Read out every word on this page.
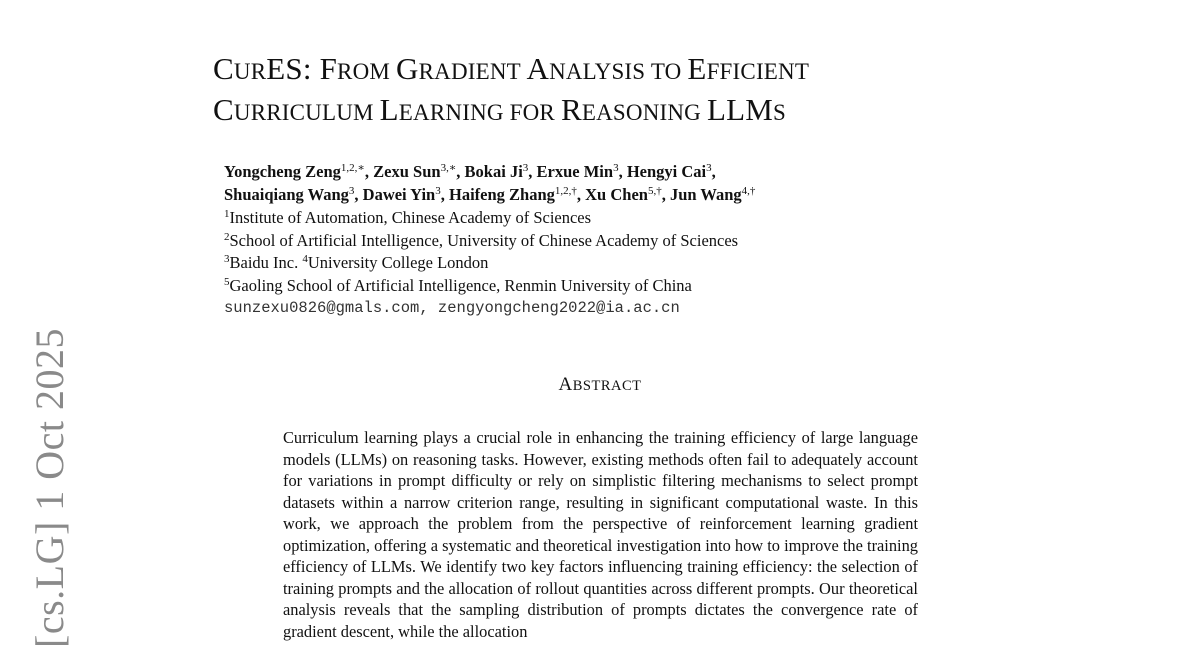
CURES: FROM GRADIENT ANALYSIS TO EFFICIENT
CURRICULUM LEARNING FOR REASONING LLMS
Yongcheng Zeng$^{1,2,∗}$, Zexu Sun$^{3,∗}$, Bokai Ji$^3$, Erxue Min$^3$, Hengyi Cai$^3$,
Shuaiqiang Wang$^3$, Dawei Yin$^3$, Haifeng Zhang$^{1,2,\dagger}$, Xu Chen$^{5,\dagger}$, Jun Wang$^{4,\dagger}$
$^1$Institute of Automation, Chinese Academy of Sciences
$^2$School of Artificial Intelligence, University of Chinese Academy of Sciences
$^3$Baidu Inc. $^4$University College London
$^5$Gaoling School of Artificial Intelligence, Renmin University of China
sunzexu0826@gmals.com, zengyongcheng2022@ia.ac.cn
ABSTRACT
Curriculum learning plays a crucial role in enhancing the training efficiency of large language models (LLMs) on reasoning tasks. However, existing methods often fail to adequately account for variations in prompt difficulty or rely on simplistic filtering mechanisms to select prompt datasets within a narrow criterion range, resulting in significant computational waste. In this work, we approach the problem from the perspective of reinforcement learning gradient optimization, offering a systematic and theoretical investigation into how to improve the training efficiency of LLMs. We identify two key factors influencing training efficiency: the selection of training prompts and the allocation of rollout quantities across different prompts. Our theoretical analysis reveals that the sampling distribution of prompts dictates the convergence rate of gradient descent, while the allocation
[cs.LG] 1 Oct 2025
